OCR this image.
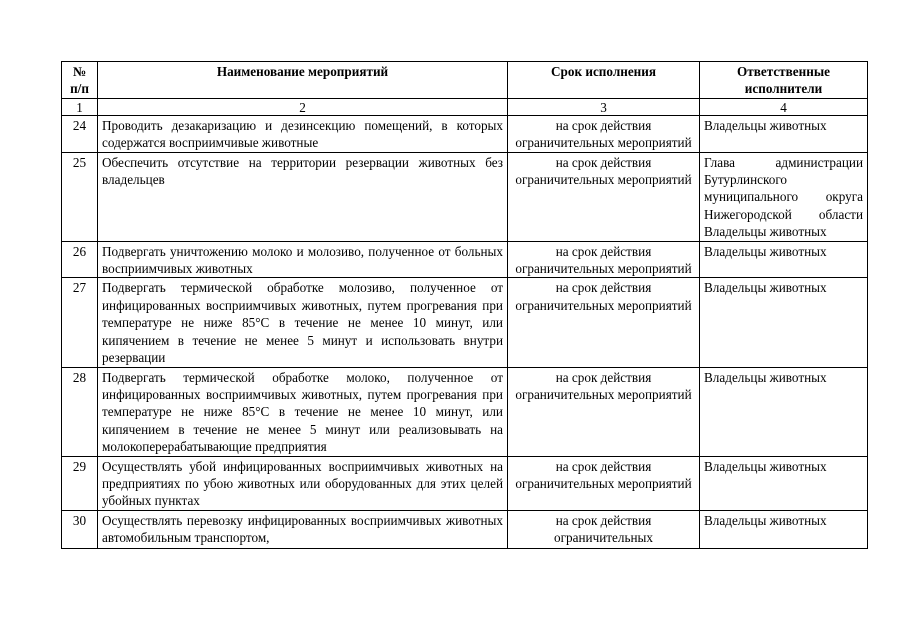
№ п/п	Наименование мероприятий	Срок исполнения	Ответственные исполнители
1	2	3	4
24	Проводить дезакаризацию и дезинсекцию помещений, в которых содержатся восприимчивые животные	на срок действия ограничительных мероприятий	Владельцы животных
25	Обеспечить отсутствие на территории резервации животных без владельцев	на срок действия ограничительных мероприятий	Глава администрации Бутурлинского муниципального округа Нижегородской области Владельцы животных
26	Подвергать уничтожению молоко и молозиво, полученное от больных восприимчивых животных	на срок действия ограничительных мероприятий	Владельцы животных
27	Подвергать термической обработке молозиво, полученное от инфицированных восприимчивых животных, путем прогревания при температуре не ниже 85°С в течение не менее 10 минут, или кипячением в течение не менее 5 минут и использовать внутри резервации	на срок действия ограничительных мероприятий	Владельцы животных
28	Подвергать термической обработке молоко, полученное от инфицированных восприимчивых животных, путем прогревания при температуре не ниже 85°С в течение не менее 10 минут, или кипячением в течение не менее 5 минут или реализовывать на молокоперерабатывающие предприятия	на срок действия ограничительных мероприятий	Владельцы животных
29	Осуществлять убой инфицированных восприимчивых животных на предприятиях по убою животных или оборудованных для этих целей убойных пунктах	на срок действия ограничительных мероприятий	Владельцы животных
30	Осуществлять перевозку инфицированных восприимчивых животных автомобильным транспортом,	на срок действия ограничительных	Владельцы животных
